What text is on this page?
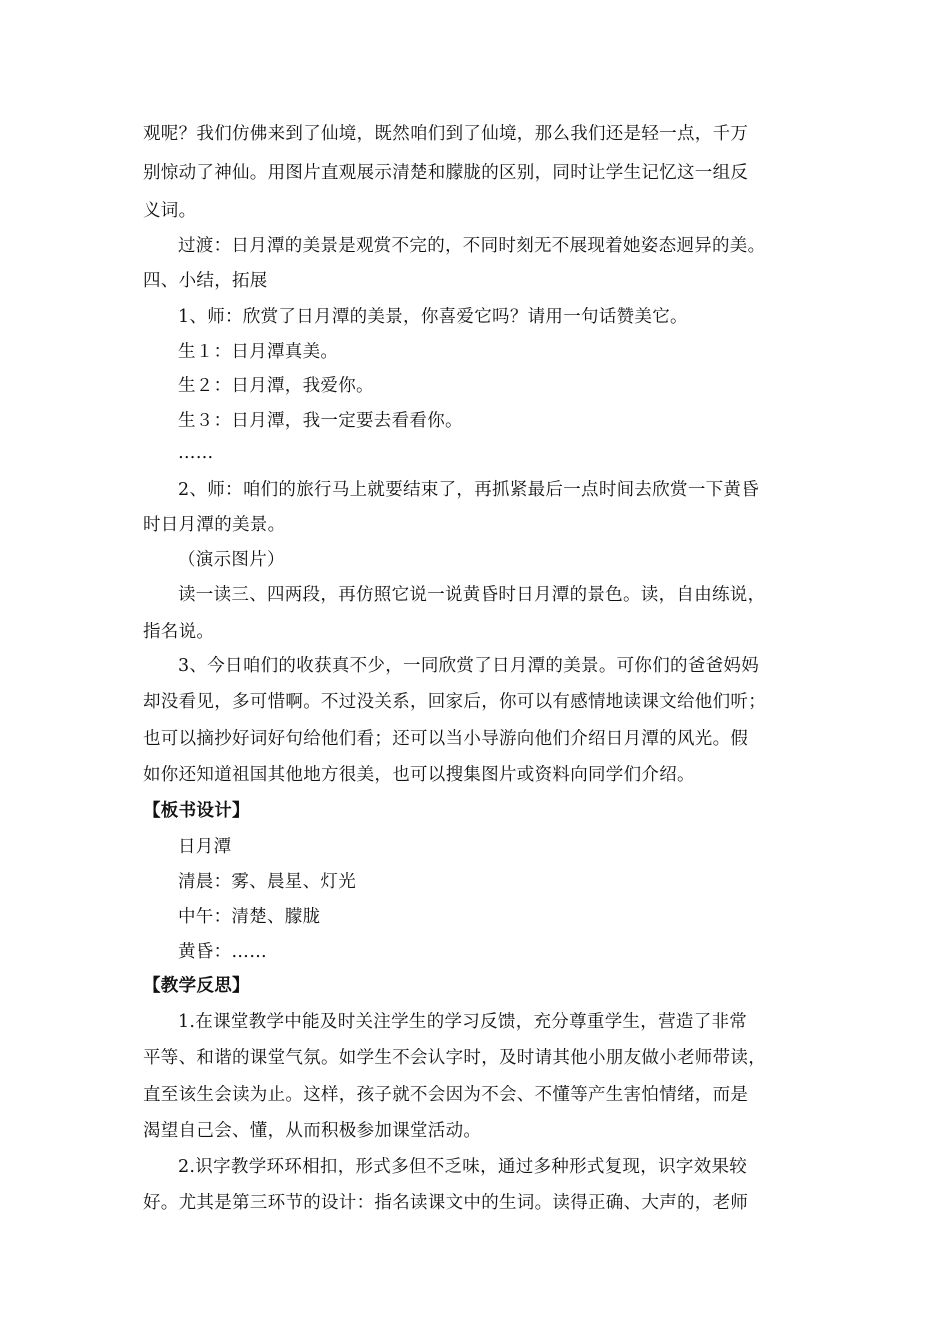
观呢？我们仿佛来到了仙境，既然咱们到了仙境，那么我们还是轻一点，千万
别惊动了神仙。用图片直观展示清楚和朦胧的区别，同时让学生记忆这一组反
义词。
过渡：日月潭的美景是观赏不完的，不同时刻无不展现着她姿态迥异的美。
四、小结，拓展
1、师：欣赏了日月潭的美景，你喜爱它吗？请用一句话赞美它。
生１：日月潭真美。
生２：日月潭，我爱你。
生３：日月潭，我一定要去看看你。
……
2、师：咱们的旅行马上就要结束了，再抓紧最后一点时间去欣赏一下黄昏
时日月潭的美景。
（演示图片）
读一读三、四两段，再仿照它说一说黄昏时日月潭的景色。读，自由练说，
指名说。
3、今日咱们的收获真不少，一同欣赏了日月潭的美景。可你们的爸爸妈妈
却没看见，多可惜啊。不过没关系，回家后，你可以有感情地读课文给他们听；
也可以摘抄好词好句给他们看；还可以当小导游向他们介绍日月潭的风光。假
如你还知道祖国其他地方很美，也可以搜集图片或资料向同学们介绍。
【板书设计】
日月潭
清晨：雾、晨星、灯光
中午：清楚、朦胧
黄昏：……
【教学反思】
1.在课堂教学中能及时关注学生的学习反馈，充分尊重学生，营造了非常
平等、和谐的课堂气氛。如学生不会认字时，及时请其他小朋友做小老师带读，
直至该生会读为止。这样，孩子就不会因为不会、不懂等产生害怕情绪，而是
渴望自己会、懂，从而积极参加课堂活动。
2.识字教学环环相扣，形式多但不乏味，通过多种形式复现，识字效果较
好。尤其是第三环节的设计：指名读课文中的生词。读得正确、大声的，老师
